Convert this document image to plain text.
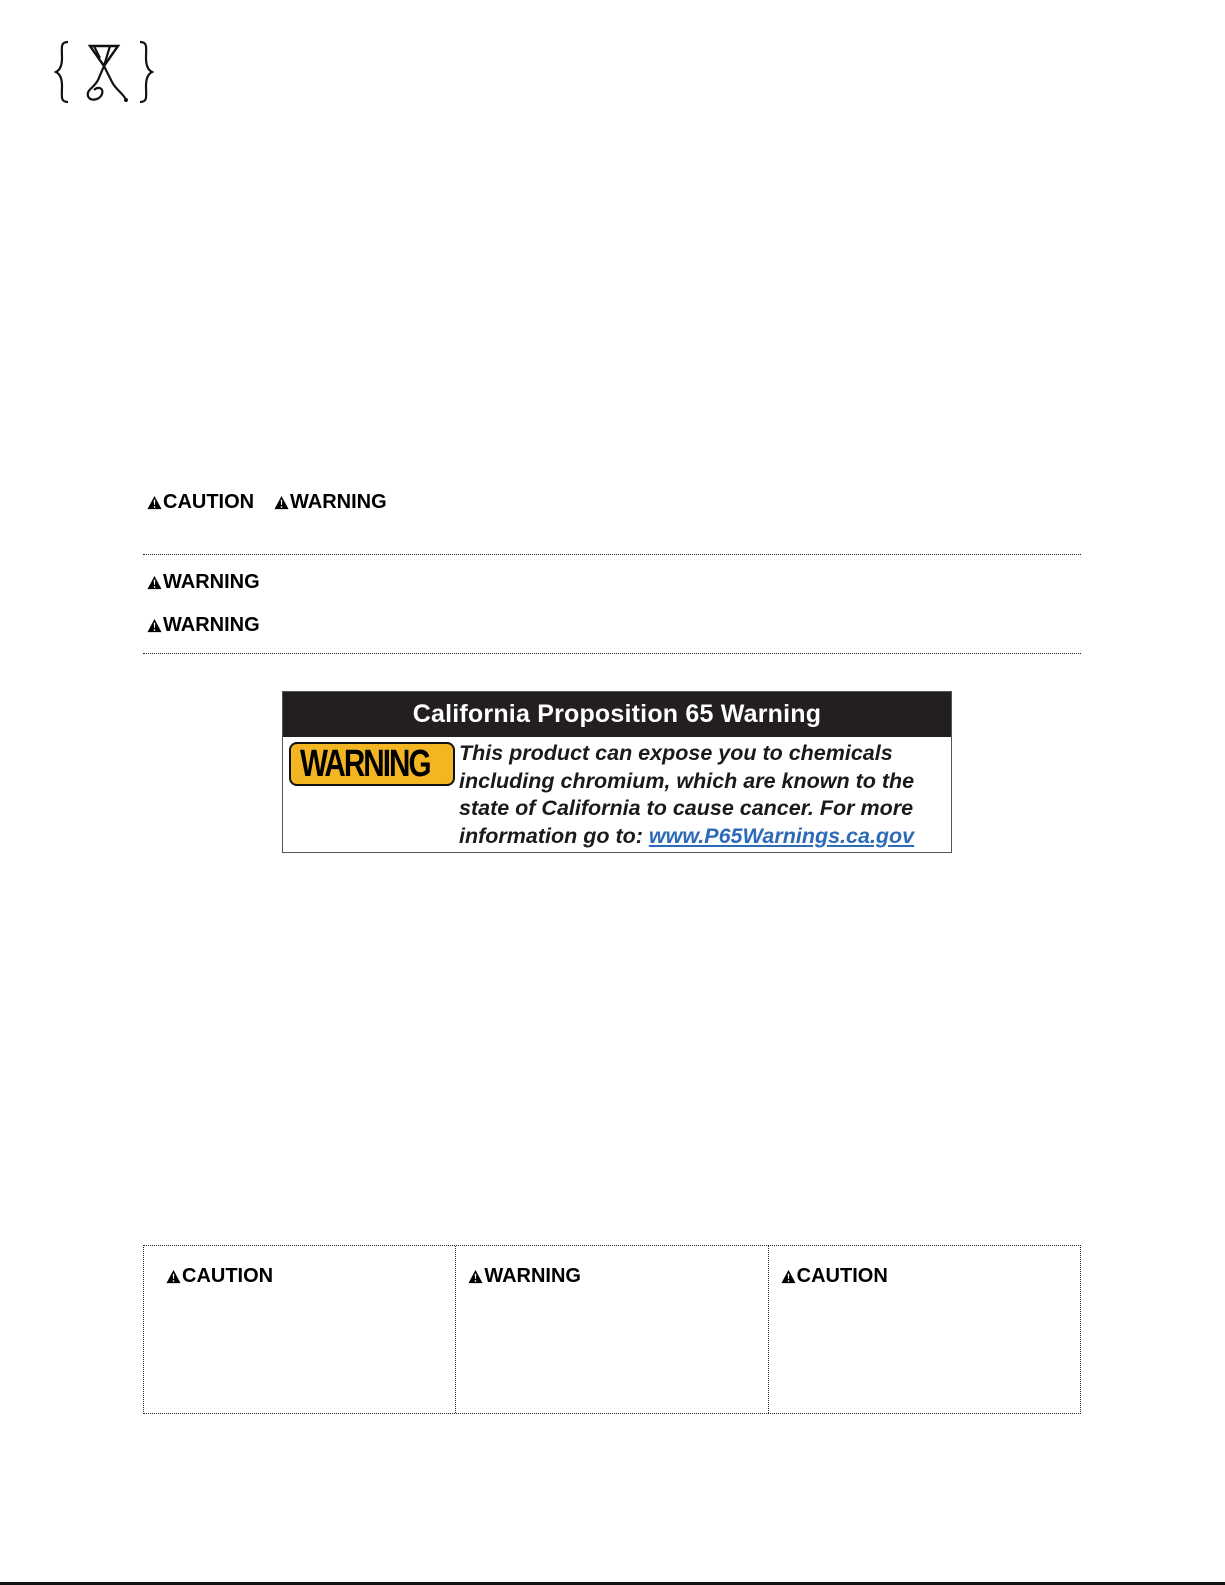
CAUTION WARNING
WARNING
WARNING
California Proposition 65 Warning
WARNING This product can expose you to chemicals including chromium, which are known to the state of California to cause cancer. For more information go to: www.P65Warnings.ca.gov
CAUTION	WARNING	CAUTION
